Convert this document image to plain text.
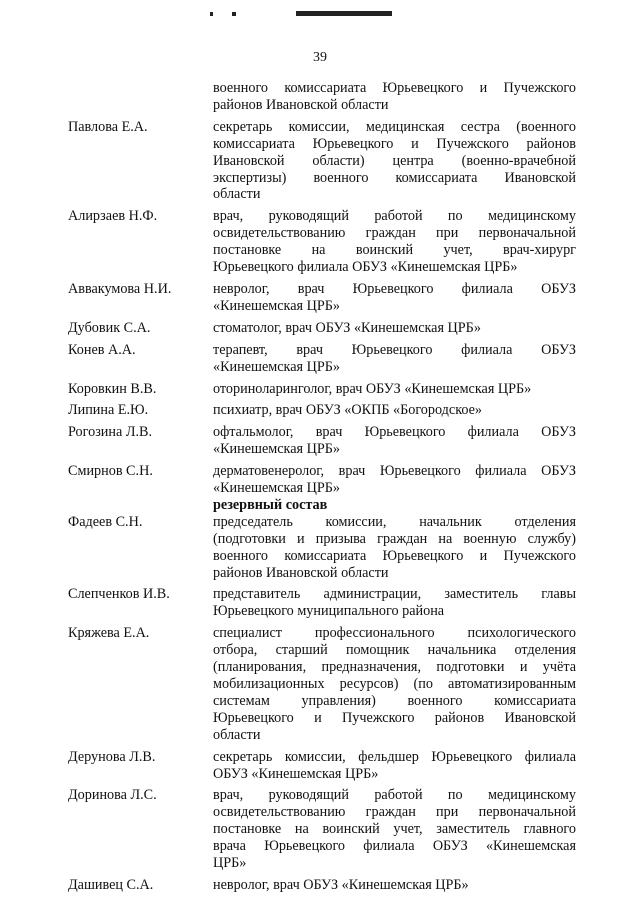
39
военного комиссариата Юрьевецкого и Пучежского
районов Ивановской области
Павлова Е.А.	секретарь комиссии, медицинская сестра (военного
комиссариата Юрьевецкого и Пучежского районов
Ивановской области) центра (военно-врачебной
экспертизы) военного комиссариата Ивановской
области
Алирзаев Н.Ф.	врач, руководящий работой по медицинскому
освидетельствованию граждан при первоначальной
постановке на воинский учет, врач-хирург
Юрьевецкого филиала ОБУЗ «Кинешемская ЦРБ»
Аввакумова Н.И.	невролог, врач Юрьевецкого филиала ОБУЗ
«Кинешемская ЦРБ»
Дубовик С.А.	стоматолог, врач ОБУЗ «Кинешемская ЦРБ»
Конев А.А.	терапевт, врач Юрьевецкого филиала ОБУЗ
«Кинешемская ЦРБ»
Коровкин В.В.	оториноларинголог, врач ОБУЗ «Кинешемская ЦРБ»
Липина Е.Ю.	психиатр, врач ОБУЗ «ОКПБ «Богородское»
Рогозина Л.В.	офтальмолог, врач Юрьевецкого филиала ОБУЗ
«Кинешемская ЦРБ»
Смирнов С.Н.	дерматовенеролог, врач Юрьевецкого филиала ОБУЗ
«Кинешемская ЦРБ»
резервный состав
Фадеев С.Н.	председатель комиссии, начальник отделения
(подготовки и призыва граждан на военную службу)
военного комиссариата Юрьевецкого и Пучежского
районов Ивановской области
Слепченков И.В.	представитель администрации, заместитель главы
Юрьевецкого муниципального района
Кряжева Е.А.	специалист профессионального психологического
отбора, старший помощник начальника отделения
(планирования, предназначения, подготовки и учёта
мобилизационных ресурсов) (по автоматизированным
системам управления) военного комиссариата
Юрьевецкого и Пучежского районов Ивановской
области
Дерунова Л.В.	секретарь комиссии, фельдшер Юрьевецкого филиала
ОБУЗ «Кинешемская ЦРБ»
Доринова Л.С.	врач, руководящий работой по медицинскому
освидетельствованию граждан при первоначальной
постановке на воинский учет, заместитель главного
врача Юрьевецкого филиала ОБУЗ «Кинешемская
ЦРБ»
Дашивец С.А.	невролог, врач ОБУЗ «Кинешемская ЦРБ»
